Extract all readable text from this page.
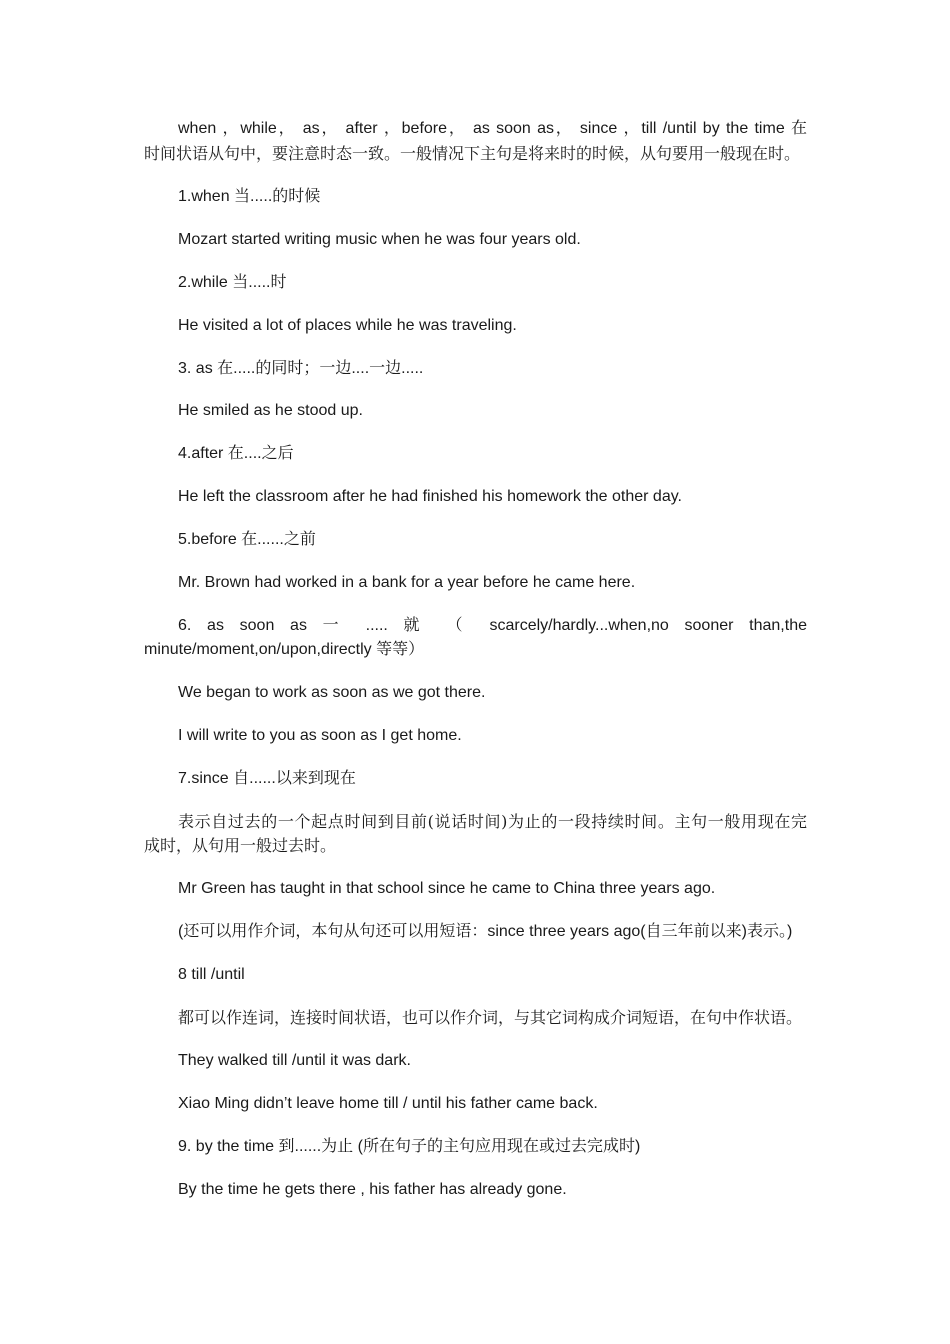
when ，while， as， after ，before， as soon as， since ，till /until by the time 在
时间状语从句中，要注意时态一致。一般情况下主句是将来时的时候，从句要用一般现在时。
1.when 当.....的时候
Mozart started writing music when he was four years old.
2.while 当.....时
He visited a lot of places while he was traveling.
3. as 在.....的同时；一边....一边.....
He smiled as he stood up.
4.after 在....之后
He left the classroom after he had finished his homework the other day.
5.before 在......之前
Mr. Brown had worked in a bank for a year before he came here.
6. as soon as 一 ..... 就 （ scarcely/hardly...when,no sooner than,the
minute/moment,on/upon,directly 等等）
We began to work as soon as we got there.
I will write to you as soon as I get home.
7.since 自......以来到现在
表示自过去的一个起点时间到目前(说话时间)为止的一段持续时间。主句一般用现在完
成时，从句用一般过去时。
Mr Green has taught in that school since he came to China three years ago.
(还可以用作介词，本句从句还可以用短语：since three years ago(自三年前以来)表示。)
8 till /until
都可以作连词，连接时间状语，也可以作介词，与其它词构成介词短语，在句中作状语。
They walked till /until it was dark.
Xiao Ming didn’t leave home till / until his father came back.
9. by the time 到......为止 (所在句子的主句应用现在或过去完成时)
By the time he gets there , his father has already gone.
